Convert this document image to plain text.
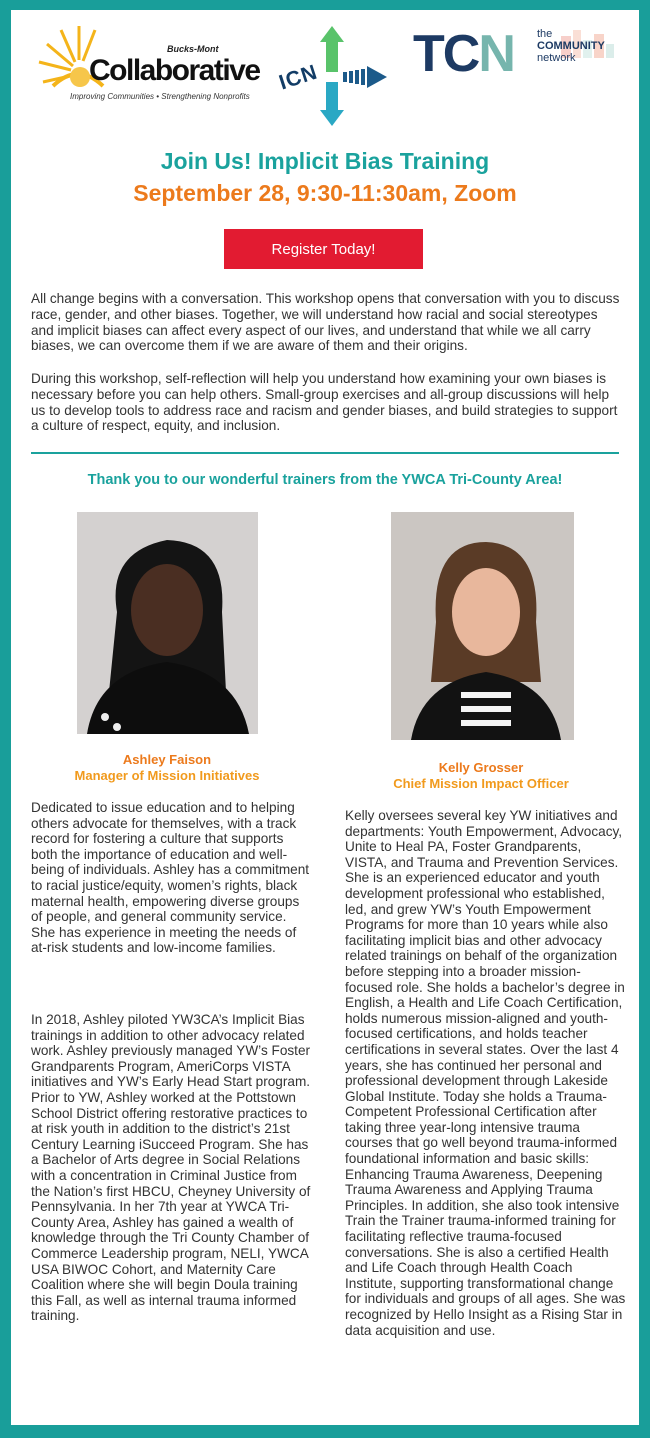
Bucks-Mont
Collaborative
Improving Communities • Strengthening Nonprofits
ICN TCN the
COMMUNITY
network
Join Us! Implicit Bias Training
September 28, 9:30-11:30am, Zoom
Register Today!
All change begins with a conversation. This workshop opens that conversation with you to discuss race, gender, and other biases. Together, we will understand how racial and social stereotypes and implicit biases can affect every aspect of our lives, and understand that while we all carry biases, we can overcome them if we are aware of them and their origins.
During this workshop, self-reflection will help you understand how examining your own biases is necessary before you can help others. Small-group exercises and all-group discussions will help us to develop tools to address race and racism and gender biases, and build strategies to support a culture of respect, equity, and inclusion.
Thank you to our wonderful trainers from the YWCA Tri-County Area!
Ashley Faison
Manager of Mission Initiatives
Kelly Grosser
Chief Mission Impact Officer
Dedicated to issue education and to helping others advocate for themselves, with a track record for fostering a culture that supports both the importance of education and well-being of individuals. Ashley has a commitment to racial justice/equity, women’s rights, black maternal health, empowering diverse groups of people, and general community service. She has experience in meeting the needs of at-risk students and low-income families.
In 2018, Ashley piloted YW3CA’s Implicit Bias trainings in addition to other advocacy related work. Ashley previously managed YW’s Foster Grandparents Program, AmeriCorps VISTA initiatives and YW’s Early Head Start program. Prior to YW, Ashley worked at the Pottstown School District offering restorative practices to at risk youth in addition to the district’s 21st Century Learning iSucceed Program. She has a Bachelor of Arts degree in Social Relations with a concentration in Criminal Justice from the Nation’s first HBCU, Cheyney University of Pennsylvania. In her 7th year at YWCA Tri-County Area, Ashley has gained a wealth of knowledge through the Tri County Chamber of Commerce Leadership program, NELI, YWCA USA BIWOC Cohort, and Maternity Care Coalition where she will begin Doula training this Fall, as well as internal trauma informed training.
Kelly oversees several key YW initiatives and departments: Youth Empowerment, Advocacy, Unite to Heal PA, Foster Grandparents, VISTA, and Trauma and Prevention Services. She is an experienced educator and youth development professional who established, led, and grew YW’s Youth Empowerment Programs for more than 10 years while also facilitating implicit bias and other advocacy related trainings on behalf of the organization before stepping into a broader mission-focused role. She holds a bachelor’s degree in English, a Health and Life Coach Certification, holds numerous mission-aligned and youth-focused certifications, and holds teacher certifications in several states. Over the last 4 years, she has continued her personal and professional development through Lakeside Global Institute. Today she holds a Trauma-Competent Professional Certification after taking three year-long intensive trauma courses that go well beyond trauma-informed foundational information and basic skills: Enhancing Trauma Awareness, Deepening Trauma Awareness and Applying Trauma Principles. In addition, she also took intensive Train the Trainer trauma-informed training for facilitating reflective trauma-focused conversations. She is also a certified Health and Life Coach through Health Coach Institute, supporting transformational change for individuals and groups of all ages. She was recognized by Hello Insight as a Rising Star in data acquisition and use.
